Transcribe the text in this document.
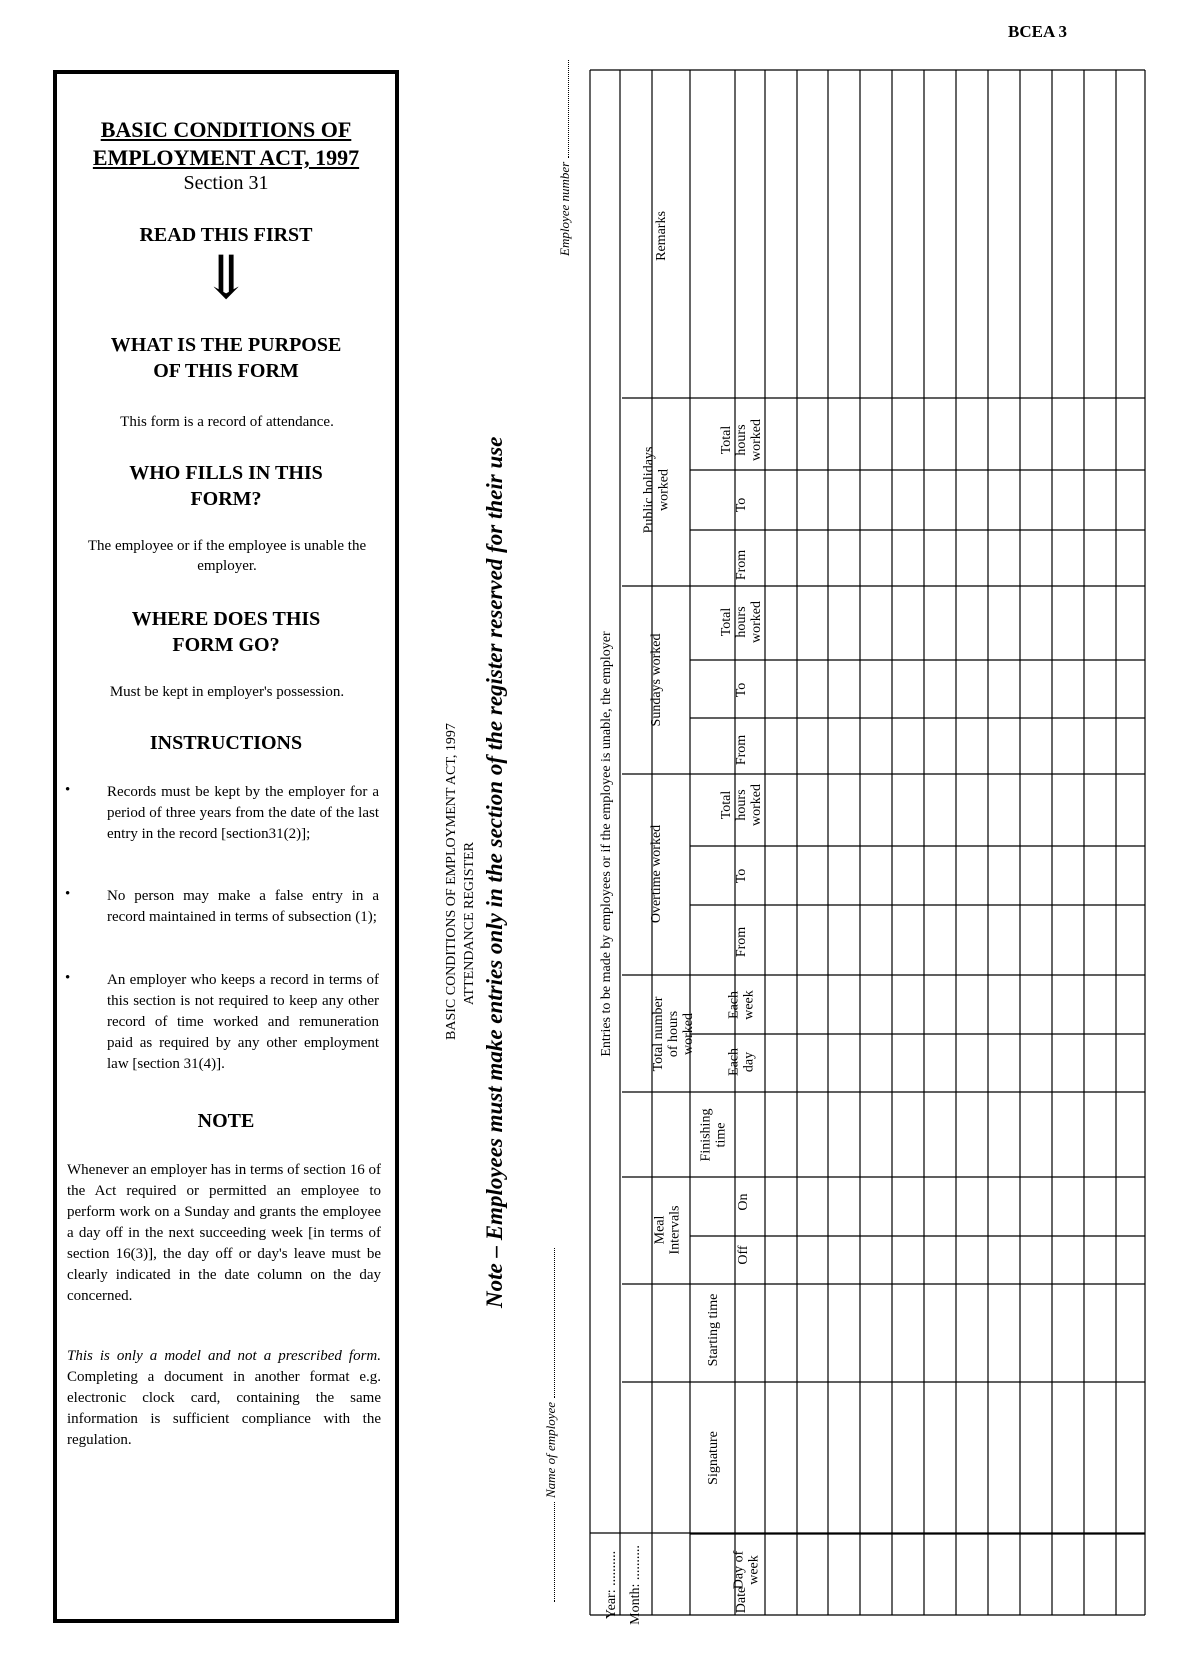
BCEA 3
BASIC CONDITIONS OF
EMPLOYMENT ACT, 1997
Section 31
READ THIS FIRST
⇓
WHAT IS THE PURPOSE
OF THIS FORM
This form is a record of attendance.
WHO FILLS IN THIS
FORM?
The employee or if the employee is unable the employer.
WHERE DOES THIS
FORM GO?
Must be kept in employer's possession.
INSTRUCTIONS
• Records must be kept by the employer for a period of three years from the date of the last entry in the record [section31(2)];
• No person may make a false entry in a record maintained in terms of subsection (1);
• An employer who keeps a record in terms of this section is not required to keep any other record of time worked and remuneration paid as required by any other employment law [section 31(4)].
NOTE
Whenever an employer has in terms of section 16 of the Act required or permitted an employee to perform work on a Sunday and grants the employee a day off in the next succeeding week [in terms of section 16(3)], the day off or day's leave must be clearly indicated in the date column on the day concerned.
This is only a model and not a prescribed form. Completing a document in another format e.g. electronic clock card, containing the same information is sufficient compliance with the regulation.
BASIC CONDITIONS OF EMPLOYMENT ACT, 1997 ATTENDANCE REGISTER Note – Employees must make entries only in the section of the register reserved for their use
Name of employee
Employee number
Entries to be made by employees or if the employee is unable, the employer
Year: .......... Month: ..........	Date
Day ofweek
Signature
Starting time
MealIntervals
Off
On
Finishingtime
Total numberof hoursworked
Eachday
Eachweek
Overtime worked
From
To
Totalhoursworked
Sundays worked
From
To
Totalhoursworked
Public holidaysworked
From
To
Totalhoursworked
Remarks
